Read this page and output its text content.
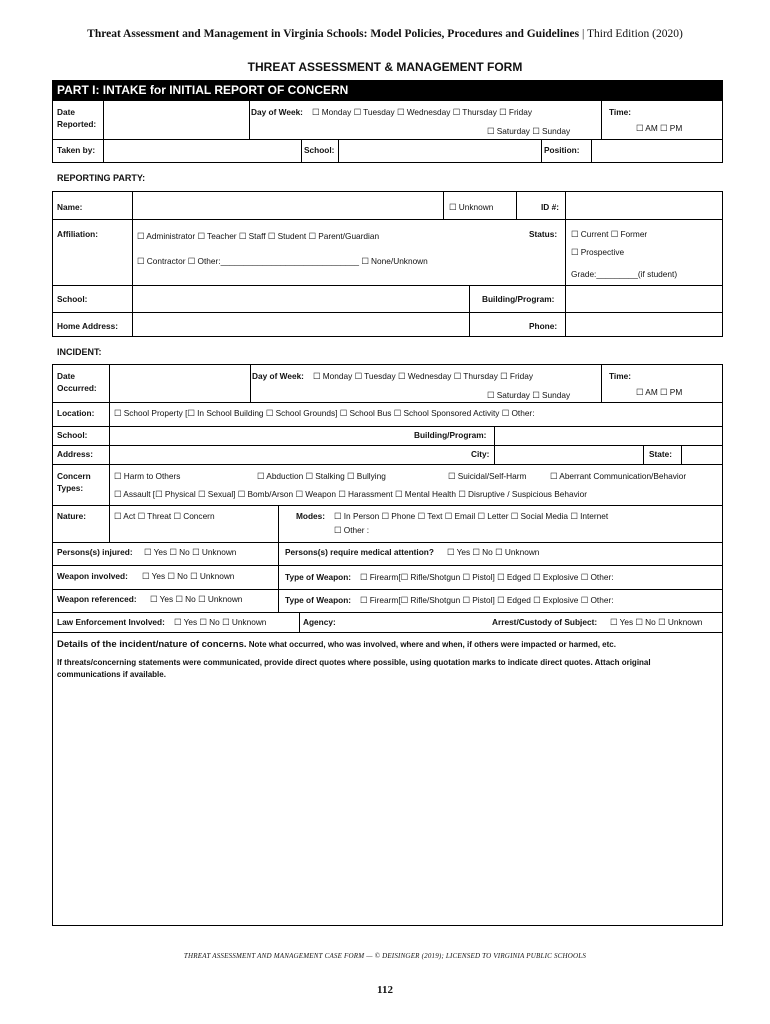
Threat Assessment and Management in Virginia Schools: Model Policies, Procedures and Guidelines | Third Edition (2020)
THREAT ASSESSMENT & MANAGEMENT FORM
PART I: INTAKE for INITIAL REPORT OF CONCERN
Date
Reported:
Day of Week: ☐ Monday ☐ Tuesday ☐ Wednesday ☐ Thursday ☐ Friday
☐ Saturday ☐ Sunday
Time:
☐ AM ☐ PM
Taken by:	School:	Position:
REPORTING PARTY:
Name:	☐ Unknown	ID #:
Affiliation:	☐ Administrator ☐ Teacher ☐ Staff ☐ Student ☐ Parent/Guardian
☐ Contractor ☐ Other:______________________________ ☐ None/Unknown
Status: ☐ Current ☐ Former
☐ Prospective
Grade:_________(if student)
School:	Building/Program:
Home Address:	Phone:
INCIDENT:
Date
Occurred:
Day of Week: ☐ Monday ☐ Tuesday ☐ Wednesday ☐ Thursday ☐ Friday
☐ Saturday ☐ Sunday
Time:
☐ AM ☐ PM
Location: ☐ School Property [☐ In School Building ☐ School Grounds] ☐ School Bus ☐ School Sponsored Activity ☐ Other:
School:	Building/Program:
Address:	City:	State:
Concern
Types:
☐ Harm to Others	☐ Abduction ☐ Stalking ☐ Bullying	☐ Suicidal/Self-Harm	☐ Aberrant Communication/Behavior
☐ Assault [☐ Physical ☐ Sexual] ☐ Bomb/Arson ☐ Weapon ☐ Harassment ☐ Mental Health ☐ Disruptive / Suspicious Behavior
Nature:	☐ Act ☐ Threat ☐ Concern	Modes: ☐ In Person ☐ Phone ☐ Text ☐ Email ☐ Letter ☐ Social Media ☐ Internet
☐ Other :
Persons(s) injured: ☐ Yes ☐ No ☐ Unknown	Persons(s) require medical attention? ☐ Yes ☐ No ☐ Unknown
Weapon involved: ☐ Yes ☐ No ☐ Unknown	Type of Weapon: ☐ Firearm[☐ Rifle/Shotgun ☐ Pistol] ☐ Edged ☐ Explosive ☐ Other:
Weapon referenced: ☐ Yes ☐ No ☐ Unknown	Type of Weapon: ☐ Firearm[☐ Rifle/Shotgun ☐ Pistol] ☐ Edged ☐ Explosive ☐ Other:
Law Enforcement Involved: ☐ Yes ☐ No ☐ Unknown	Agency:	Arrest/Custody of Subject: ☐ Yes ☐ No ☐ Unknown
Details of the incident/nature of concerns. Note what occurred, who was involved, where and when, if others were impacted or harmed, etc.
If threats/concerning statements were communicated, provide direct quotes where possible, using quotation marks to indicate direct quotes. Attach original
communications if available.
THREAT ASSESSMENT AND MANAGEMENT CASE FORM — © DEISINGER (2019); LICENSED TO VIRGINIA PUBLIC SCHOOLS
112
